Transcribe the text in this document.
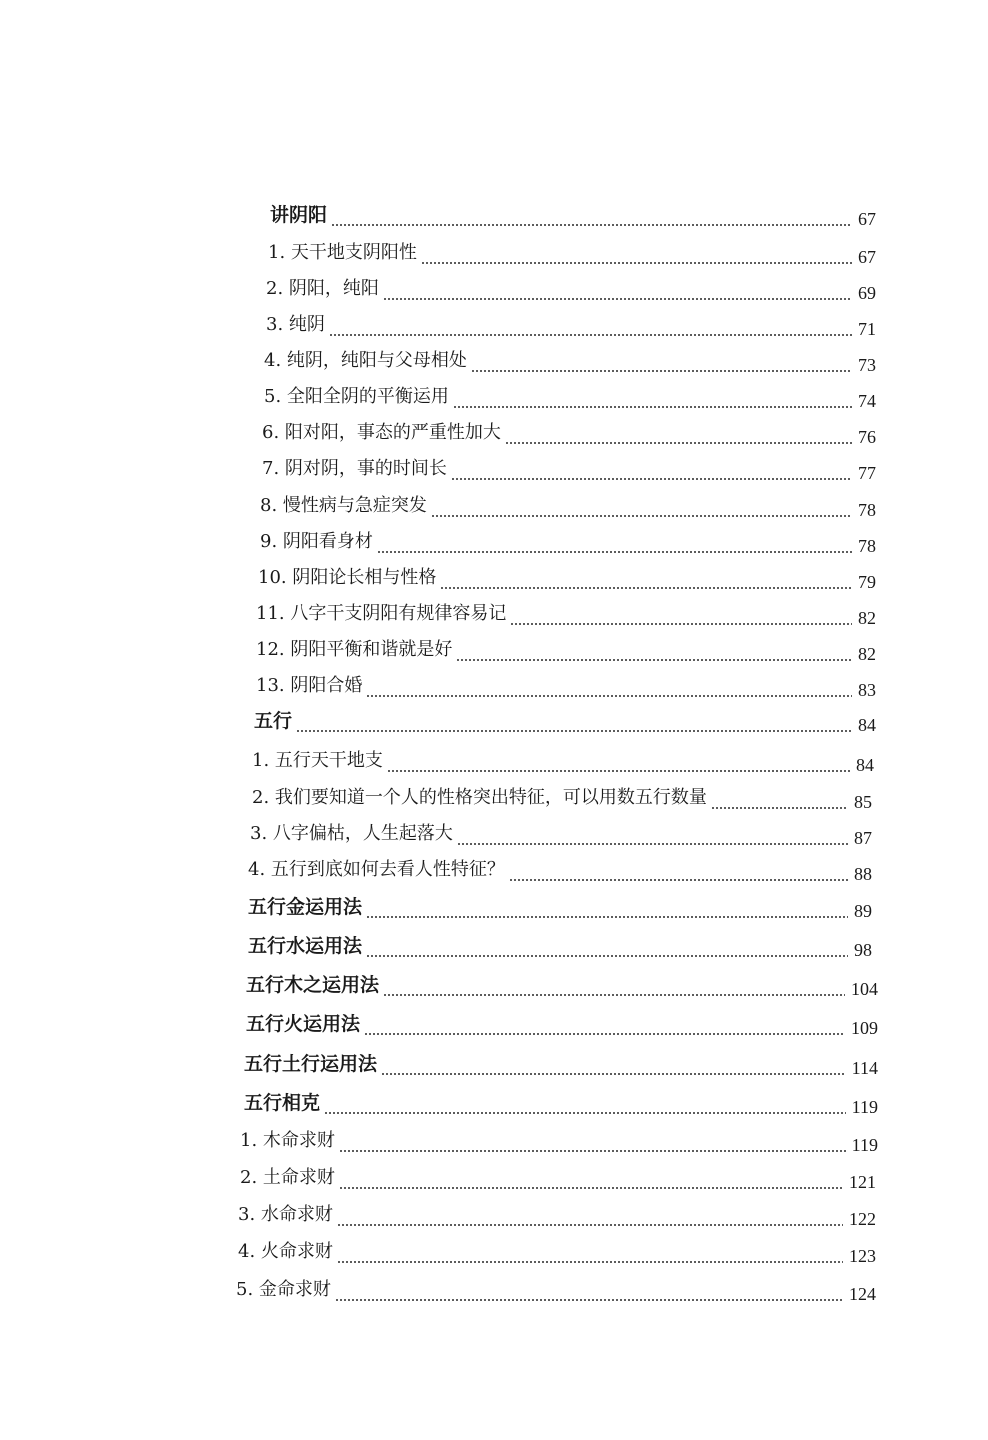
讲阴阳	67
1. 天干地支阴阳性	67
2. 阴阳，纯阳	69
3. 纯阴	71
4. 纯阴，纯阳与父母相处	73
5. 全阳全阴的平衡运用	74
6. 阳对阳，事态的严重性加大	76
7. 阴对阴，事的时间长	77
8. 慢性病与急症突发	78
9. 阴阳看身材	78
10. 阴阳论长相与性格	79
11. 八字干支阴阳有规律容易记	82
12. 阴阳平衡和谐就是好	82
13. 阴阳合婚	83
五行	84
1. 五行天干地支	84
2. 我们要知道一个人的性格突出特征，可以用数五行数量	85
3. 八字偏枯，人生起落大	87
4. 五行到底如何去看人性特征？	88
五行金运用法	89
五行水运用法	98
五行木之运用法	104
五行火运用法	109
五行土行运用法	114
五行相克	119
1. 木命求财	119
2. 土命求财	121
3. 水命求财	122
4. 火命求财	123
5. 金命求财	124
